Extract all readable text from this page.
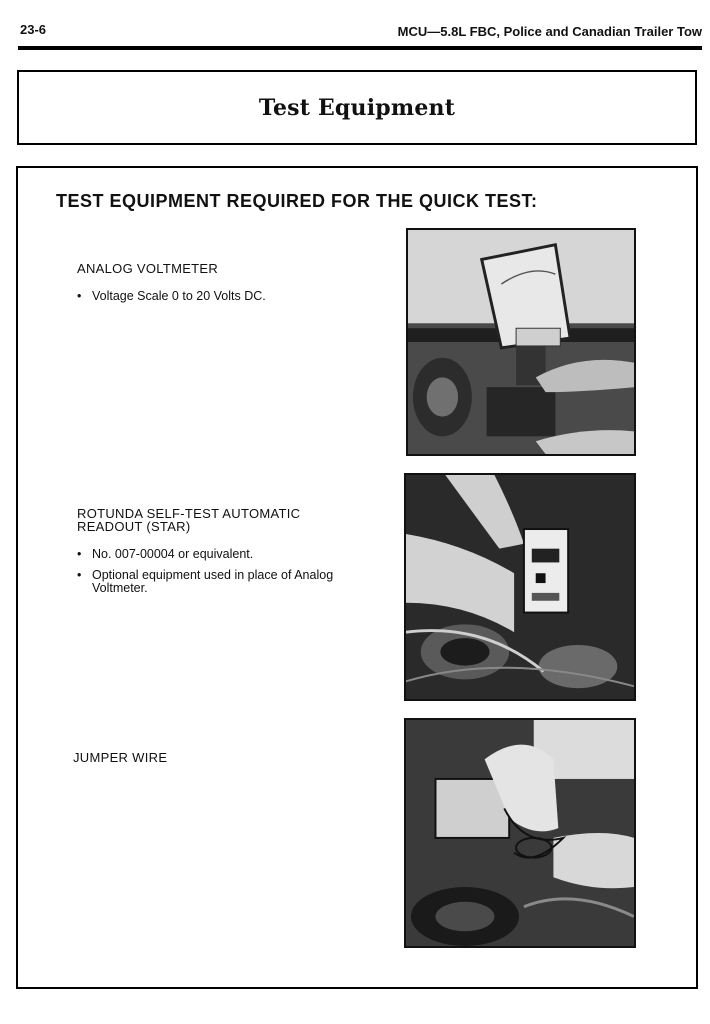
23-6	MCU—5.8L FBC, Police and Canadian Trailer Tow
Test Equipment
TEST EQUIPMENT REQUIRED FOR THE QUICK TEST:
ANALOG VOLTMETER
• Voltage Scale 0 to 20 Volts DC.
ROTUNDA SELF-TEST AUTOMATIC
READOUT (STAR)
• No. 007-00004 or equivalent.
• Optional equipment used in place of Analog Voltmeter.
JUMPER WIRE
